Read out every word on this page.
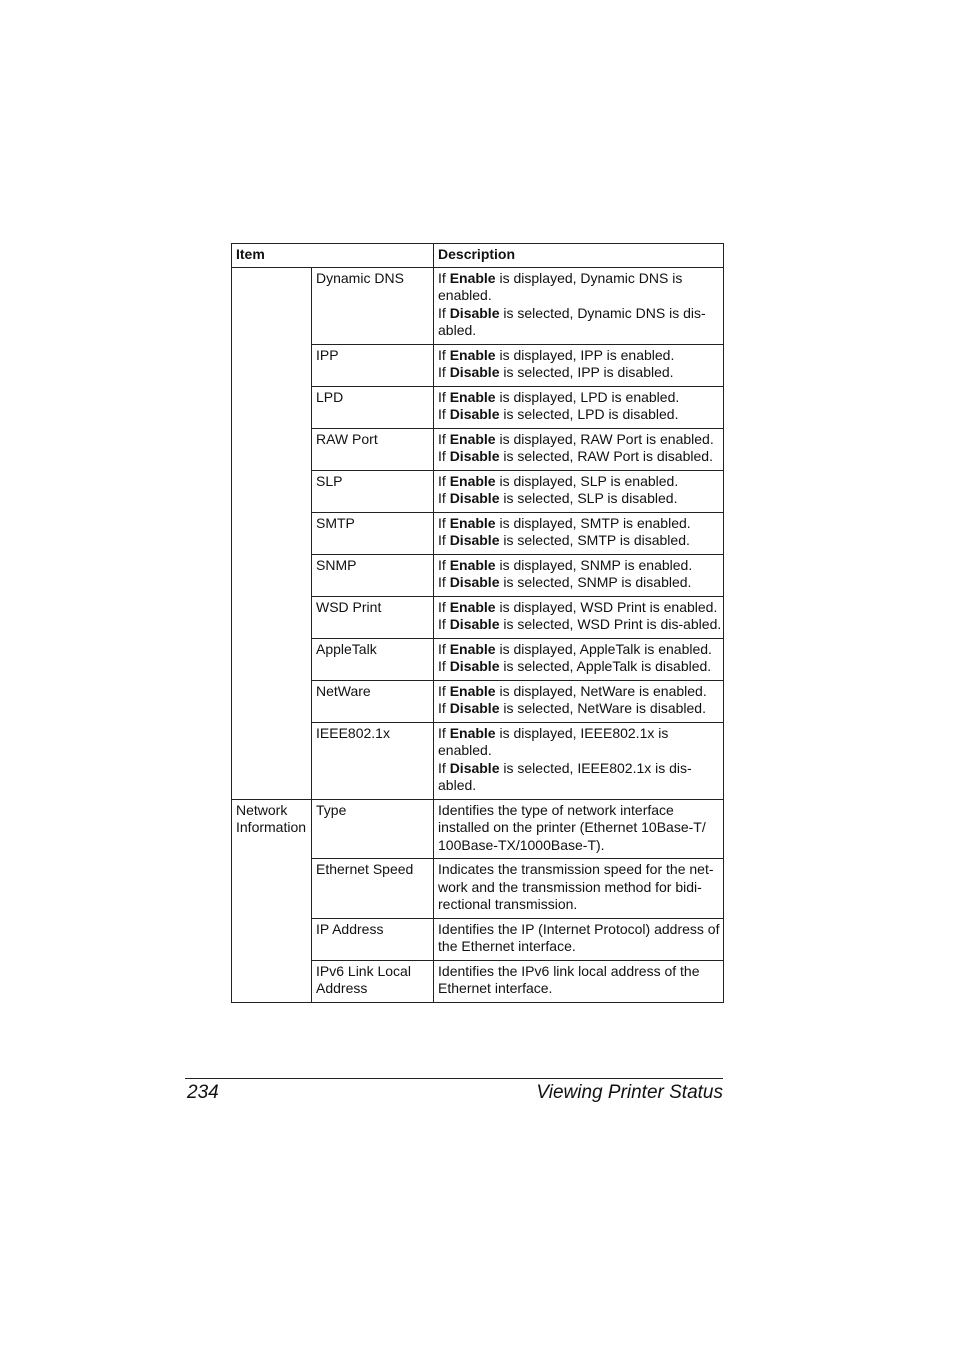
Item		Description
	Dynamic DNS	If Enable is displayed, Dynamic DNS is enabled.
If Disable is selected, Dynamic DNS is dis-abled.

	IPP	If Enable is displayed, IPP is enabled.
If Disable is selected, IPP is disabled.

	LPD	If Enable is displayed, LPD is enabled.
If Disable is selected, LPD is disabled.

	RAW Port	If Enable is displayed, RAW Port is enabled.
If Disable is selected, RAW Port is disabled.

	SLP	If Enable is displayed, SLP is enabled.
If Disable is selected, SLP is disabled.

	SMTP	If Enable is displayed, SMTP is enabled.
If Disable is selected, SMTP is disabled.

	SNMP	If Enable is displayed, SNMP is enabled.
If Disable is selected, SNMP is disabled.

	WSD Print	If Enable is displayed, WSD Print is enabled.
If Disable is selected, WSD Print is dis-abled.

	AppleTalk	If Enable is displayed, AppleTalk is enabled.
If Disable is selected, AppleTalk is disabled.

	NetWare	If Enable is displayed, NetWare is enabled.
If Disable is selected, NetWare is disabled.

	IEEE802.1x	If Enable is displayed, IEEE802.1x is enabled.
If Disable is selected, IEEE802.1x is dis-abled.

Network Information	Type	Identifies the type of network interface installed on the printer (Ethernet 10Base-T/ 100Base-TX/1000Base-T).

	Ethernet Speed	Indicates the transmission speed for the net-work and the transmission method for bidi-rectional transmission.

	IP Address	Identifies the IP (Internet Protocol) address of the Ethernet interface.

	IPv6 Link Local Address	Identifies the IPv6 link local address of the Ethernet interface.
234	Viewing Printer Status
